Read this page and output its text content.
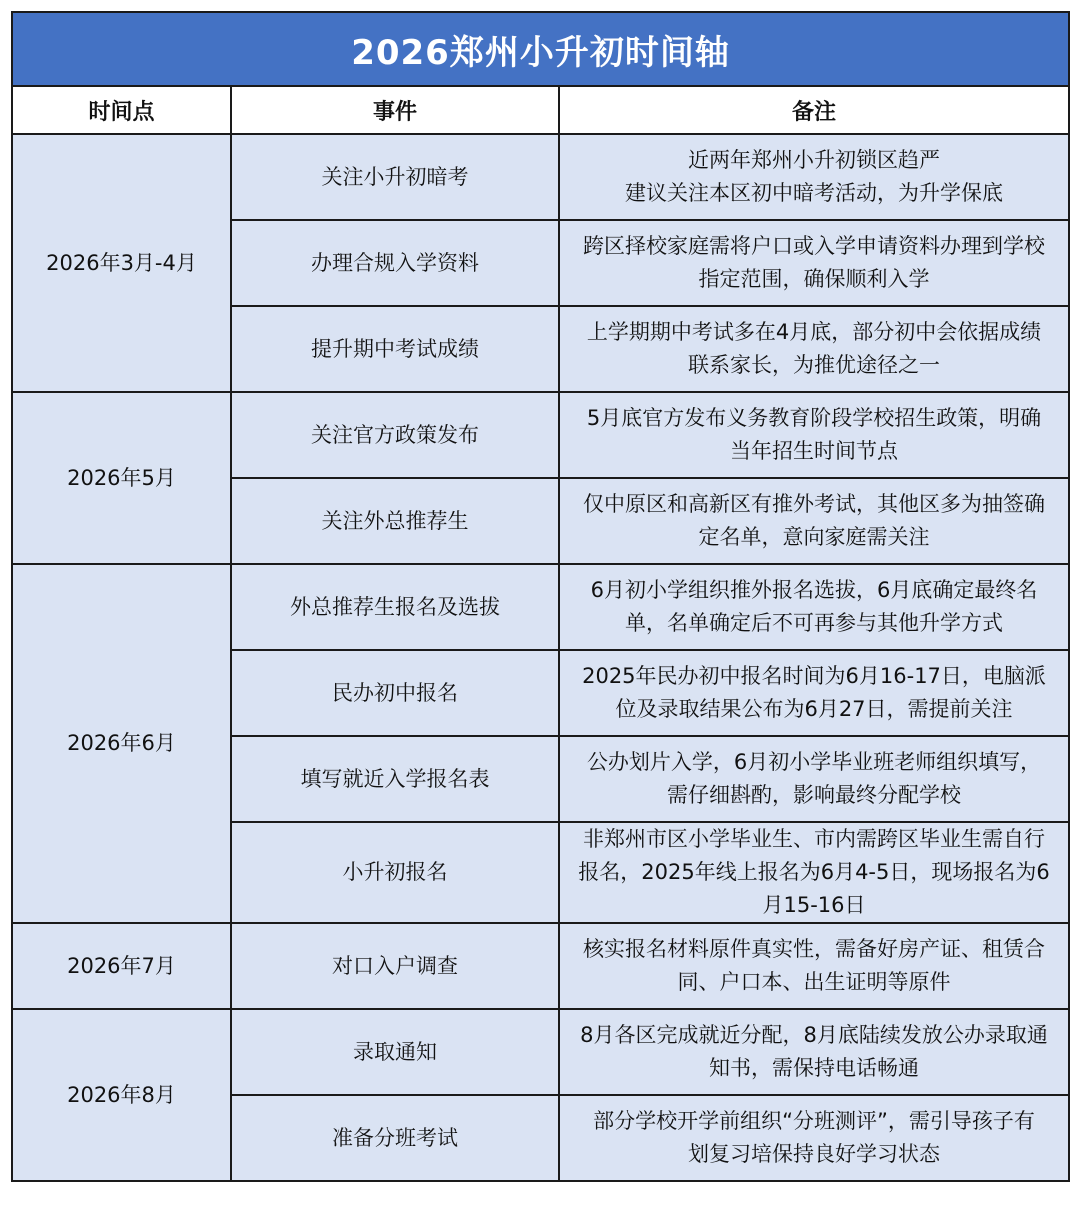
2026郑州小升初时间轴		
时间点	事件	备注
2026年3月-4月	关注小升初暗考	近两年郑州小升初锁区趋严
建议关注本区初中暗考活动，为升学保底

	办理合规入学资料	跨区择校家庭需将户口或入学申请资料办理到学校
指定范围，确保顺利入学

	提升期中考试成绩	上学期期中考试多在4月底，部分初中会依据成绩
联系家长，为推优途径之一

2026年5月	关注官方政策发布	5月底官方发布义务教育阶段学校招生政策，明确
当年招生时间节点

	关注外总推荐生	仅中原区和高新区有推外考试，其他区多为抽签确
定名单，意向家庭需关注

2026年6月	外总推荐生报名及选拔	6月初小学组织推外报名选拔，6月底确定最终名
单，名单确定后不可再参与其他升学方式

	民办初中报名	2025年民办初中报名时间为6月16-17日，电脑派
位及录取结果公布为6月27日，需提前关注

	填写就近入学报名表	公办划片入学，6月初小学毕业班老师组织填写，
需仔细斟酌，影响最终分配学校

	小升初报名	非郑州市区小学毕业生、市内需跨区毕业生需自行
报名，2025年线上报名为6月4-5日，现场报名为6
月15-16日

2026年7月	对口入户调查	核实报名材料原件真实性，需备好房产证、租赁合
同、户口本、出生证明等原件

2026年8月	录取通知	8月各区完成就近分配，8月底陆续发放公办录取通
知书，需保持电话畅通

	准备分班考试	部分学校开学前组织“分班测评”，需引导孩子有
划复习培保持良好学习状态
